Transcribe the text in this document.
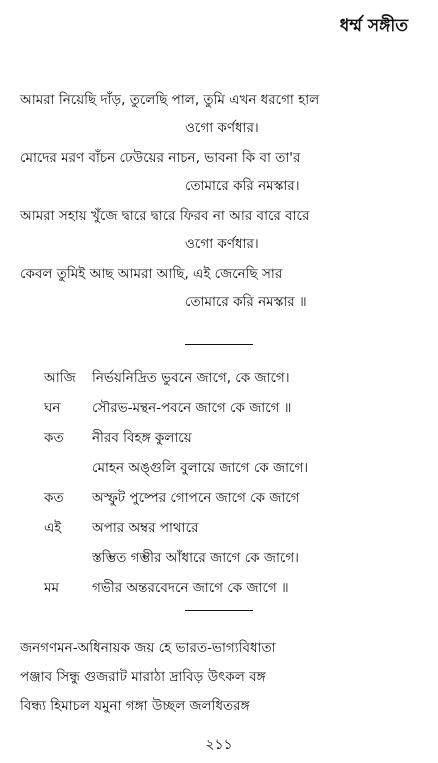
ধর্ম্ম সঙ্গীত
আমরা নিয়েছি দাঁড়, তুলেছি পাল, তুমি এখন ধরগো হাল
ওগো কর্ণধার।
মোদের মরণ বাঁচন ঢেউয়ের নাচন, ভাবনা কি বা তা'র
তোমারে করি নমস্কার।
আমরা সহায় খুঁজে দ্বারে দ্বারে ফিরব না আর বারে বারে
ওগো কর্ণধার।
কেবল তুমিই আছ আমরা আছি, এই জেনেছি সার
তোমারে করি নমস্কার ॥
আজি	নির্ভয়নিদ্রিত ভুবনে জাগে, কে জাগে।
ঘন	সৌরভ-মন্থন-পবনে জাগে কে জাগে ॥
কত	নীরব বিহঙ্গ কুলায়ে
মোহন অঙ্গুলি বুলায়ে জাগে কে জাগে।
কত	অস্ফুট পুষ্পের গোপনে জাগে কে জাগে
এই	অপার অম্বর পাথারে
স্তম্ভিত গম্ভীর আঁধারে জাগে কে জাগে।
মম	গভীর অন্তরবেদনে জাগে কে জাগে ॥
জনগণমন-অধিনায়ক জয় হে ভারত-ভাগ্যবিধাতা
পঞ্জাব সিন্ধু গুজরাট মারাঠা দ্রাবিড় উৎকল বঙ্গ
বিন্ধ্য হিমাচল যমুনা গঙ্গা উচ্ছল জলধিতরঙ্গ
২১১
